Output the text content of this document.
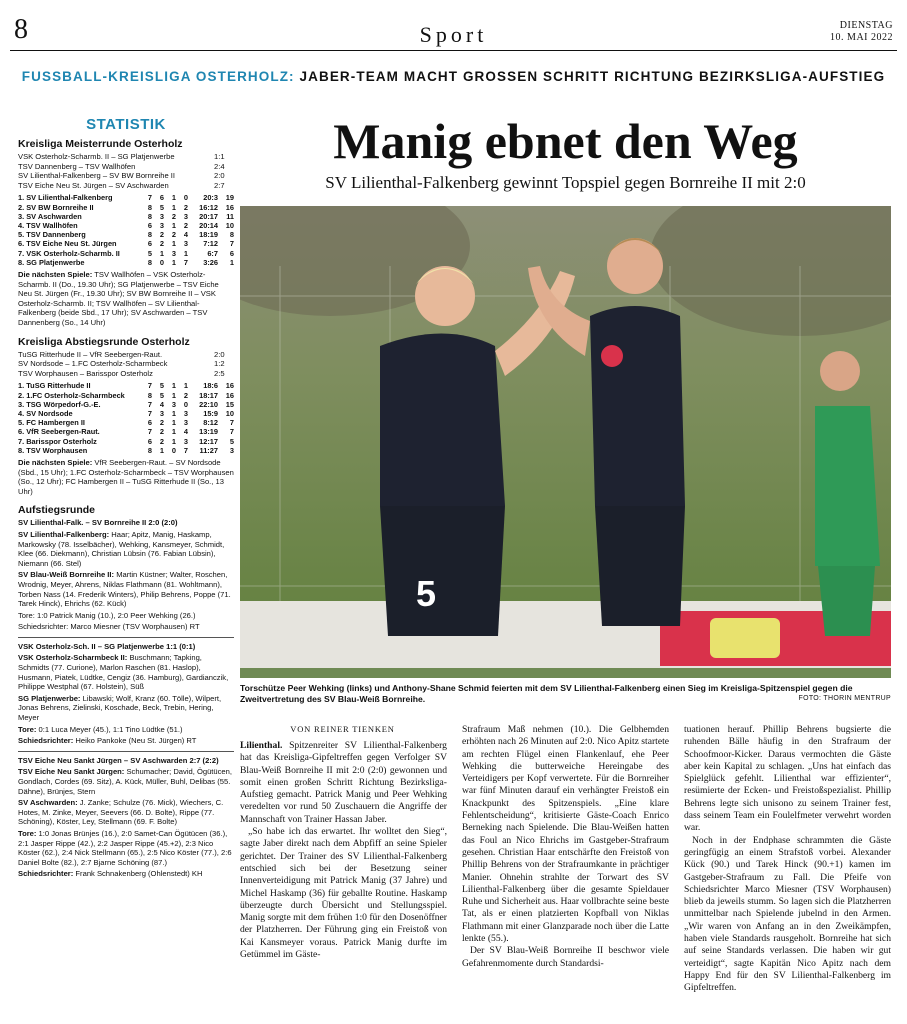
8	Sport	DIENSTAG
10. MAI 2022
FUSSBALL-KREISLIGA OSTERHOLZ: JABER-TEAM MACHT GROSSEN SCHRITT RICHTUNG BEZIRKSLIGA-AUFSTIEG
STATISTIK
Kreisliga Meisterrunde Osterholz
VSK Osterholz-Scharmb. II – SG Platjenwerbe	1:1
TSV Dannenberg – TSV Wallhöfen	2:4
SV Lilienthal-Falkenberg – SV BW Bornreihe II	2:0
TSV Eiche Neu St. Jürgen – SV Aschwarden	2:7
1. SV Lilienthal-Falkenberg	7	6	1	0	20:3	19
2. SV BW Bornreihe II	8	5	1	2	16:12	16
3. SV Aschwarden	8	3	2	3	20:17	11
4. TSV Wallhöfen	6	3	1	2	20:14	10
5. TSV Dannenberg	8	2	2	4	18:19	8
6. TSV Eiche Neu St. Jürgen	6	2	1	3	7:12	7
7. VSK Osterholz-Scharmb. II	5	1	3	1	6:7	6
8. SG Platjenwerbe	8	0	1	7	3:26	1
Die nächsten Spiele: TSV Wallhöfen – VSK Osterholz-Scharmb. II (Do., 19.30 Uhr); SG Platjenwerbe – TSV Eiche Neu St. Jürgen (Fr., 19.30 Uhr); SV BW Bornreihe II – VSK Osterholz-Scharmb. II; TSV Wallhöfen – SV Lilienthal-Falkenberg (beide Sbd., 17 Uhr); SV Aschwarden – TSV Dannenberg (So., 14 Uhr)
Kreisliga Abstiegsrunde Osterholz
TuSG Ritterhude II – VfR Seebergen-Raut.	2:0
SV Nordsode – 1.FC Osterholz-Scharmbeck	1:2
TSV Worphausen – Barisspor Osterholz	2:5
1. TuSG Ritterhude II	7	5	1	1	18:6	16
2. 1.FC Osterholz-Scharmbeck	8	5	1	2	18:17	16
3. TSG Wörpedorf-G.-E.	7	4	3	0	22:10	15
4. SV Nordsode	7	3	1	3	15:9	10
5. FC Hambergen II	6	2	1	3	8:12	7
6. VfR Seebergen-Raut.	7	2	1	4	13:19	7
7. Barisspor Osterholz	6	2	1	3	12:17	5
8. TSV Worphausen	8	1	0	7	11:27	3
Die nächsten Spiele: VfR Seebergen-Raut. – SV Nordsode (Sbd., 15 Uhr); 1.FC Osterholz-Scharmbeck – TSV Worphausen (So., 12 Uhr); FC Hambergen II – TuSG Ritterhude II (So., 13 Uhr)
Aufstiegsrunde
SV Lilienthal-Falk. – SV Bornreihe II 2:0 (2:0)
SV Lilienthal-Falkenberg: Haar; Apitz, Manig, Haskamp, Markowsky (78. Isselbächer), Wehking, Kansmeyer, Schmidt, Klee (66. Diekmann), Christian Lübsin (76. Fabian Lübsin), Niemann (66. Stel)
SV Blau-Weiß Bornreihe II: Martin Küstner; Walter, Roschen, Wrodnig, Meyer, Ahrens, Niklas Flathmann (81. Wohltmann), Torben Nass (14. Frederik Winters), Philip Behrens, Poppe (71. Tarek Hinck), Ehrichs (62. Kück)
Tore: 1:0 Patrick Manig (10.), 2:0 Peer Wehking (26.)
Schiedsrichter: Marco Miesner (TSV Worphausen) RT
VSK Osterholz-Sch. II – SG Platjenwerbe 1:1 (0:1)
VSK Osterholz-Scharmbeck II: Buschmann; Tapking, Schmidts (77. Curione), Marlon Raschen (81. Haslop), Husmann, Piatek, Lüdtke, Cengiz (36. Hamburg), Gardianczik, Philippe Westphal (67. Holstein), Süß
SG Platjenwerbe: Libawski; Wolf, Kranz (60. Tölle), Wilpert, Jonas Behrens, Zielinski, Koschade, Beck, Trebin, Hering, Meyer
Tore: 0:1 Luca Meyer (45.), 1:1 Tino Lüdtke (51.)
Schiedsrichter: Heiko Pankoke (Neu St. Jürgen) RT
TSV Eiche Neu Sankt Jürgen – SV Aschwarden 2:7 (2:2)
TSV Eiche Neu Sankt Jürgen: Schumacher; David, Ögütücen, Gondlach, Cordes (69. Sitz), A. Kück, Müller, Buhl, Delibas (55. Dähne), Brünjes, Stern
SV Aschwarden: J. Zanke; Schulze (76. Mick), Wiechers, C. Hotes, M. Zinke, Meyer, Seevers (66. D. Bolte), Rippe (77. Schöning), Köster, Ley, Stellmann (69. F. Bolte)
Tore: 1:0 Jonas Brünjes (16.), 2:0 Samet-Can Ögütücen (36.), 2:1 Jasper Rippe (42.), 2:2 Jasper Rippe (45.+2), 2:3 Nico Köster (62.), 2:4 Nick Stellmann (65.), 2:5 Nico Köster (77.), 2:6 Daniel Bolte (82.), 2:7 Bjarne Schöning (87.)
Schiedsrichter: Frank Schnakenberg (Ohlenstedt) KH
Manig ebnet den Weg
SV Lilienthal-Falkenberg gewinnt Topspiel gegen Bornreihe II mit 2:0
5
Torschütze Peer Wehking (links) und Anthony-Shane Schmid feierten mit dem SV Lilienthal-Falkenberg einen Sieg im Kreisliga-Spitzenspiel gegen die Zweitvertretung des SV Blau-Weiß Bornreihe.	FOTO: THORIN MENTRUP
VON REINER TIENKEN

Lilienthal. Spitzenreiter SV Lilienthal-Falkenberg hat das Kreisliga-Gipfeltreffen gegen Verfolger SV Blau-Weiß Bornreihe II mit 2:0 (2:0) gewonnen und somit einen großen Schritt Richtung Bezirksliga-Aufstieg gemacht. Patrick Manig und Peer Wehking veredelten vor rund 50 Zuschauern die Angriffe der Mannschaft von Trainer Hassan Jaber.

„So habe ich das erwartet. Ihr wolltet den Sieg“, sagte Jaber direkt nach dem Abpfiff an seine Spieler gerichtet. Der Trainer des SV Lilienthal-Falkenberg entschied sich bei der Besetzung seiner Innenverteidigung mit Patrick Manig (37 Jahre) und Michel Haskamp (36) für geballte Routine. Haskamp überzeugte durch Übersicht und Stellungsspiel. Manig sorgte mit dem frühen 1:0 für den Dosenöffner der Platzherren. Der Führung ging ein Freistoß von Kai Kansmeyer voraus. Patrick Manig durfte im Getümmel im Gäste-

Strafraum Maß nehmen (10.). Die Gelbhemden erhöhten nach 26 Minuten auf 2:0. Nico Apitz startete am rechten Flügel einen Flankenlauf, ehe Peer Wehking die butterweiche Hereingabe des Verteidigers per Kopf verwertete. Für die Bornreiher war fünf Minuten darauf ein verhängter Freistoß ein Knackpunkt des Spitzenspiels. „Eine klare Fehlentscheidung“, kritisierte Gäste-Coach Enrico Berneking nach Spielende. Die Blau-Weißen hatten das Foul an Nico Ehrichs im Gastgeber-Strafraum gesehen. Christian Haar entschärfte den Freistoß von Phillip Behrens von der Strafraumkante in prächtiger Manier. Ohnehin strahlte der Torwart des SV Lilienthal-Falkenberg über die gesamte Spieldauer Ruhe und Sicherheit aus. Haar vollbrachte seine beste Tat, als er einen platzierten Kopfball von Niklas Flathmann mit einer Glanzparade noch über die Latte lenkte (55.).

Der SV Blau-Weiß Bornreihe II beschwor viele Gefahrenmomente durch Standardsi-

tuationen herauf. Phillip Behrens bugsierte die ruhenden Bälle häufig in den Strafraum der Schoofmoor-Kicker. Daraus vermochten die Gäste aber kein Kapital zu schlagen. „Uns hat einfach das Spielglück gefehlt. Lilienthal war effizienter“, resümierte der Ecken- und Freistoßspezialist. Phillip Behrens legte sich unisono zu seinem Trainer fest, dass seinem Team ein Foulelfmeter verwehrt worden war.

Noch in der Endphase schrammten die Gäste geringfügig an einem Strafstoß vorbei. Alexander Kück (90.) und Tarek Hinck (90.+1) kamen im Gastgeber-Strafraum zu Fall. Die Pfeife von Schiedsrichter Marco Miesner (TSV Worphausen) blieb da jeweils stumm. So lagen sich die Platzherren unmittelbar nach Spielende jubelnd in den Armen. „Wir waren von Anfang an in den Zweikämpfen, haben viele Standards rausgeholt. Bornreihe hat sich auf seine Standards verlassen. Die haben wir gut verteidigt“, sagte Kapitän Nico Apitz nach dem Happy End für den SV Lilienthal-Falkenberg im Gipfeltreffen.
